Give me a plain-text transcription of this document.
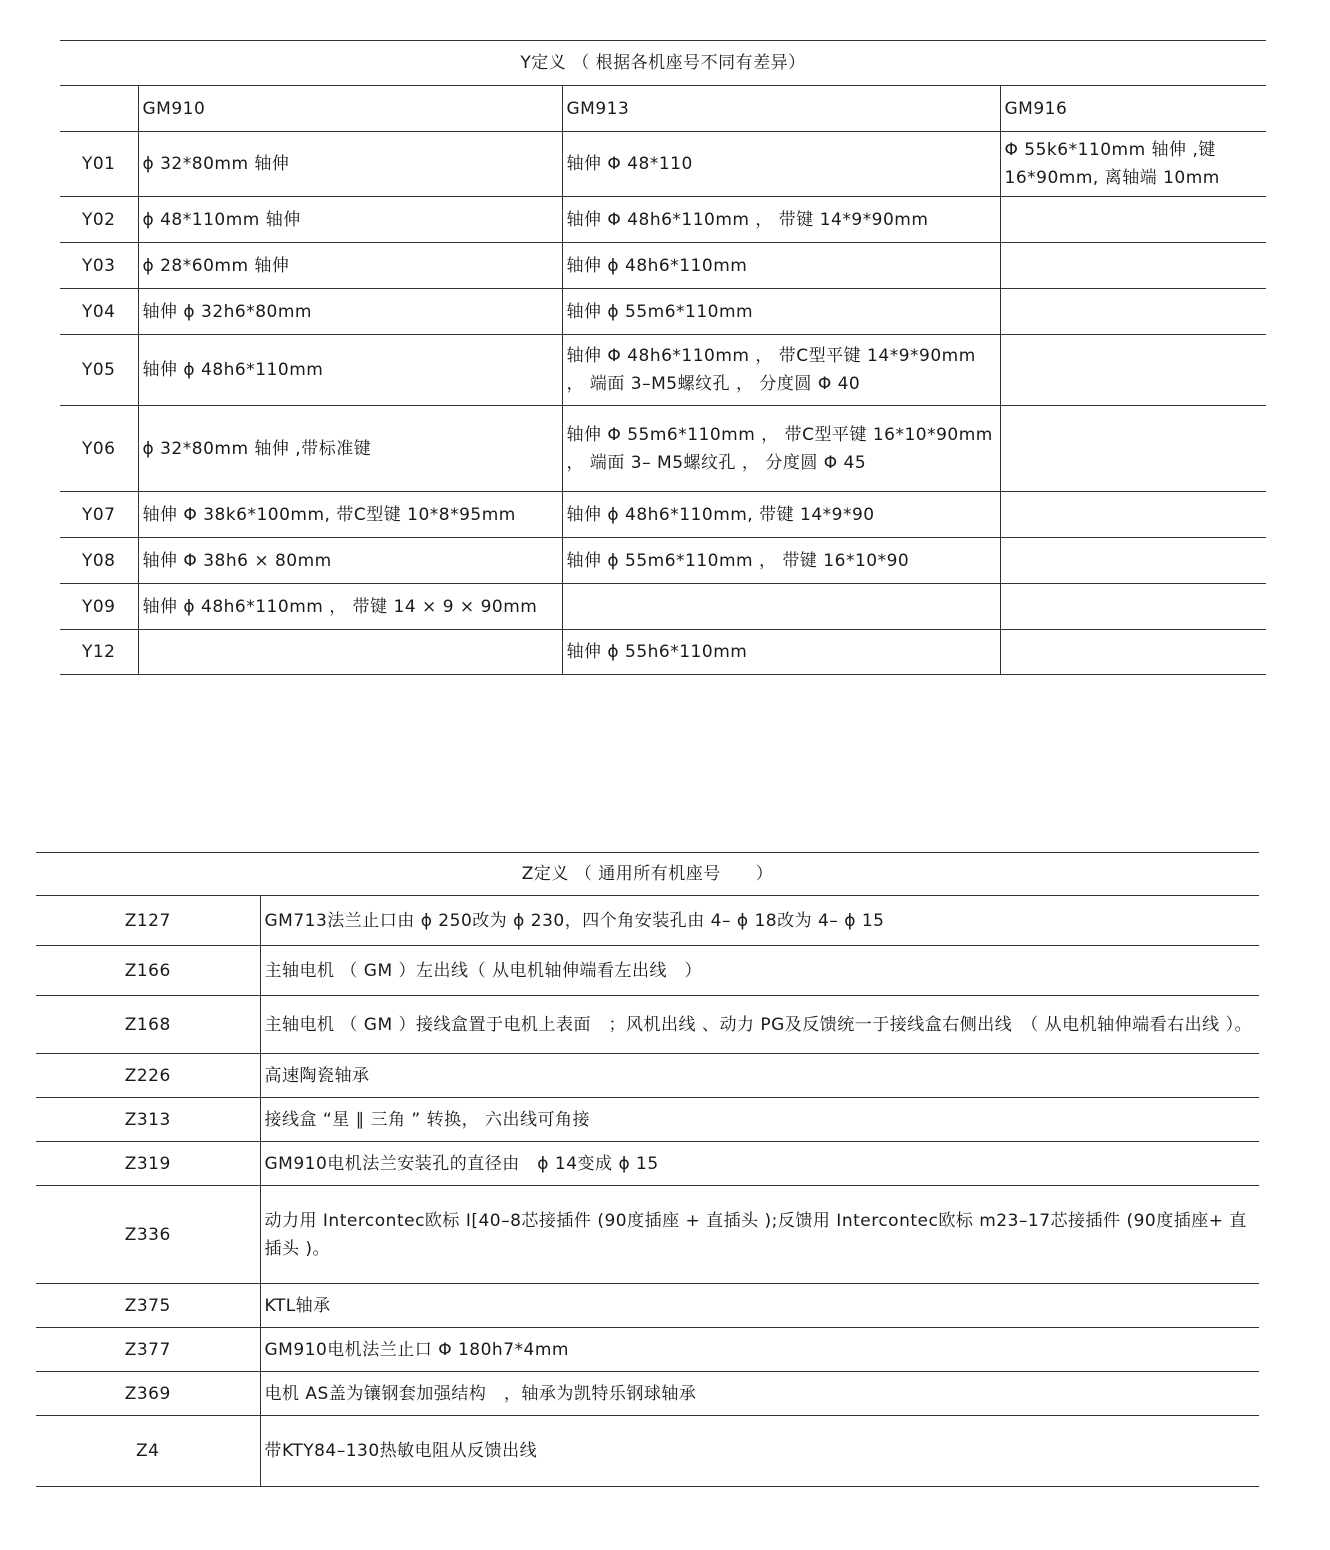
Y定义 （ 根据各机座号不同有差异）			
	GM910	GM913	GM916
Y01	ϕ 32*80mm 轴伸	轴伸 Φ 48*110	Φ 55k6*110mm 轴伸 ,键 16*90mm, 离轴端 10mm
Y02	ϕ 48*110mm 轴伸	轴伸 Φ 48h6*110mm ， 带键 14*9*90mm	
Y03	ϕ 28*60mm 轴伸	轴伸 ϕ 48h6*110mm	
Y04	轴伸 ϕ 32h6*80mm	轴伸 ϕ 55m6*110mm	
Y05	轴伸 ϕ 48h6*110mm	轴伸 Φ 48h6*110mm ， 带C型平键 14*9*90mm ， 端面 3–M5螺纹孔 ， 分度圆 Φ 40	
Y06	ϕ 32*80mm 轴伸 ,带标准键	轴伸 Φ 55m6*110mm ， 带C型平键 16*10*90mm ， 端面 3– M5螺纹孔 ， 分度圆 Φ 45	
Y07	轴伸 Φ 38k6*100mm, 带C型键 10*8*95mm	轴伸 ϕ 48h6*110mm, 带键 14*9*90	
Y08	轴伸 Φ 38h6 × 80mm	轴伸 ϕ 55m6*110mm ， 带键 16*10*90	
Y09	轴伸 ϕ 48h6*110mm ， 带键 14 × 9 × 90mm		
Y12		轴伸 ϕ 55h6*110mm	
Z定义 （ 通用所有机座号　　）	
Z127	GM713法兰止口由 ϕ 250改为 ϕ 230，四个角安装孔由 4– ϕ 18改为 4– ϕ 15
Z166	主轴电机 （ GM ）左出线（ 从电机轴伸端看左出线　）
Z168	主轴电机 （ GM ）接线盒置于电机上表面　；风机出线 、动力 PG及反馈统一于接线盒右侧出线　（ 从电机轴伸端看右出线 ）。
Z226	高速陶瓷轴承
Z313	接线盒 “星 ∥ 三角 ” 转换， 六出线可角接
Z319	GM910电机法兰安装孔的直径由　ϕ 14变成 ϕ 15
Z336	动力用 Intercontec欧标 I[40–8芯接插件 (90度插座 + 直插头 );反馈用 Intercontec欧标 m23–17芯接插件 (90度插座+ 直插头 )。
Z375	KTL轴承
Z377	GM910电机法兰止口 Φ 180h7*4mm
Z369	电机 AS盖为镶钢套加强结构　，轴承为凯特乐钢球轴承
Z4	带KTY84–130热敏电阻从反馈出线
